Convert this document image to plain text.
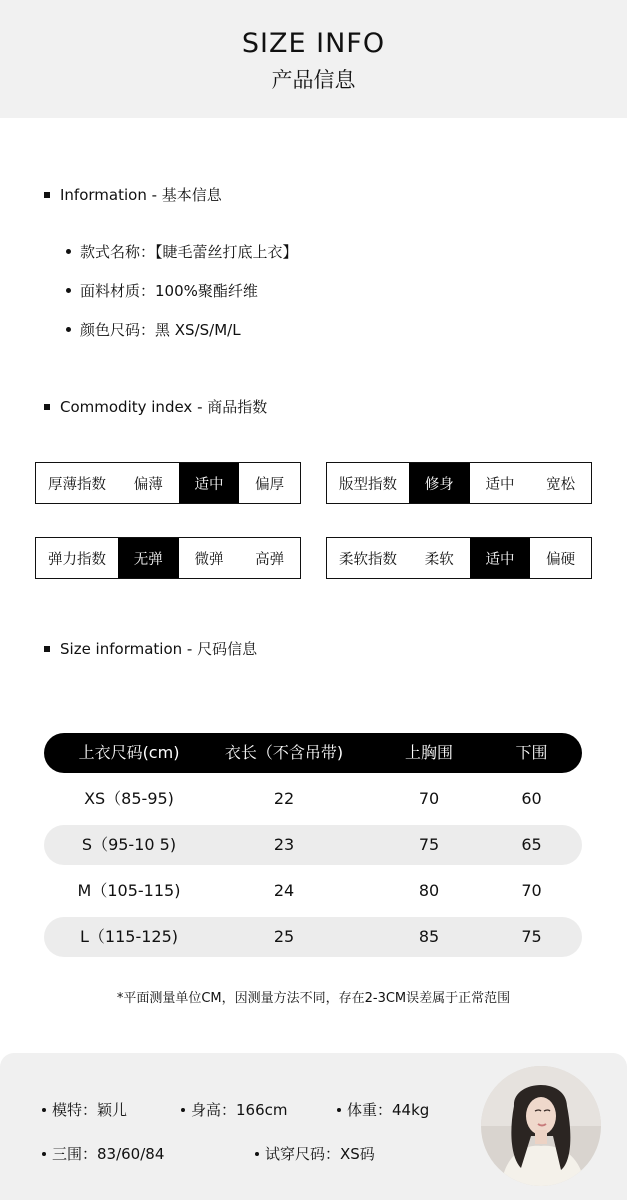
SIZE INFO
产品信息
Information - 基本信息
款式名称：【睫毛蕾丝打底上衣】
面料材质：100%聚酯纤维
颜色尺码：黑 XS/S/M/L
Commodity index - 商品指数
厚薄指数	偏薄	适中	偏厚	版型指数	修身	适中	宽松
弹力指数	无弹	微弹	高弹	柔软指数	柔软	适中	偏硬
Size information - 尺码信息
上衣尺码(cm)	衣长（不含吊带)	上胸围	下围
XS（85-95)	22	70	60
S（95-10 5)	23	75	65
M（105-115)	24	80	70
L（115-125)	25	85	75
*平面测量单位CM，因测量方法不同，存在2-3CM误差属于正常范围
模特：颖儿	身高：166cm	体重：44kg
三围：83/60/84	试穿尺码：XS码
